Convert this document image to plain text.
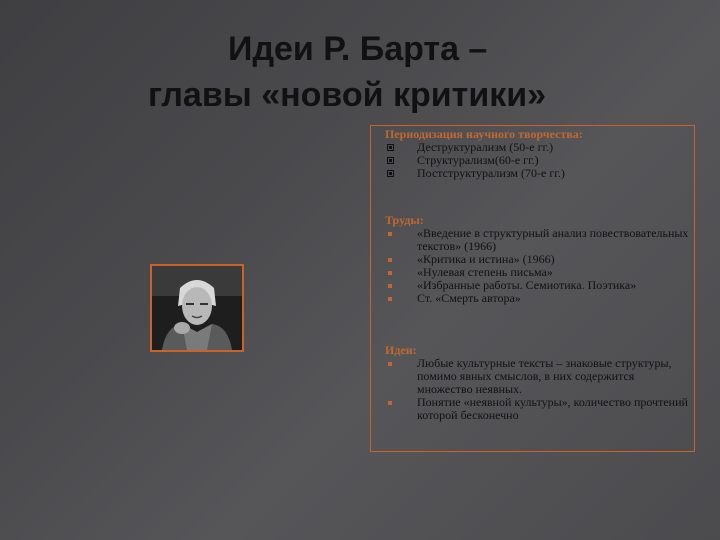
Идеи Р. Барта –
главы «новой критики»
Периодизация научного творчества:
Деструктурализм (50-е гг.)
Структурализм(60-е гг.)
Постструктурализм (70-е гг.)
Труды:
«Введение в структурный анализ повествовательных текстов» (1966)
«Критика и истина» (1966)
«Нулевая степень письма»
«Избранные работы. Семиотика. Поэтика»
Ст. «Смерть автора»
Идеи:
Любые культурные тексты – знаковые структуры, помимо явных смыслов, в них содержится множество неявных.
Понятие «неявной культуры», количество прочтений которой бесконечно
